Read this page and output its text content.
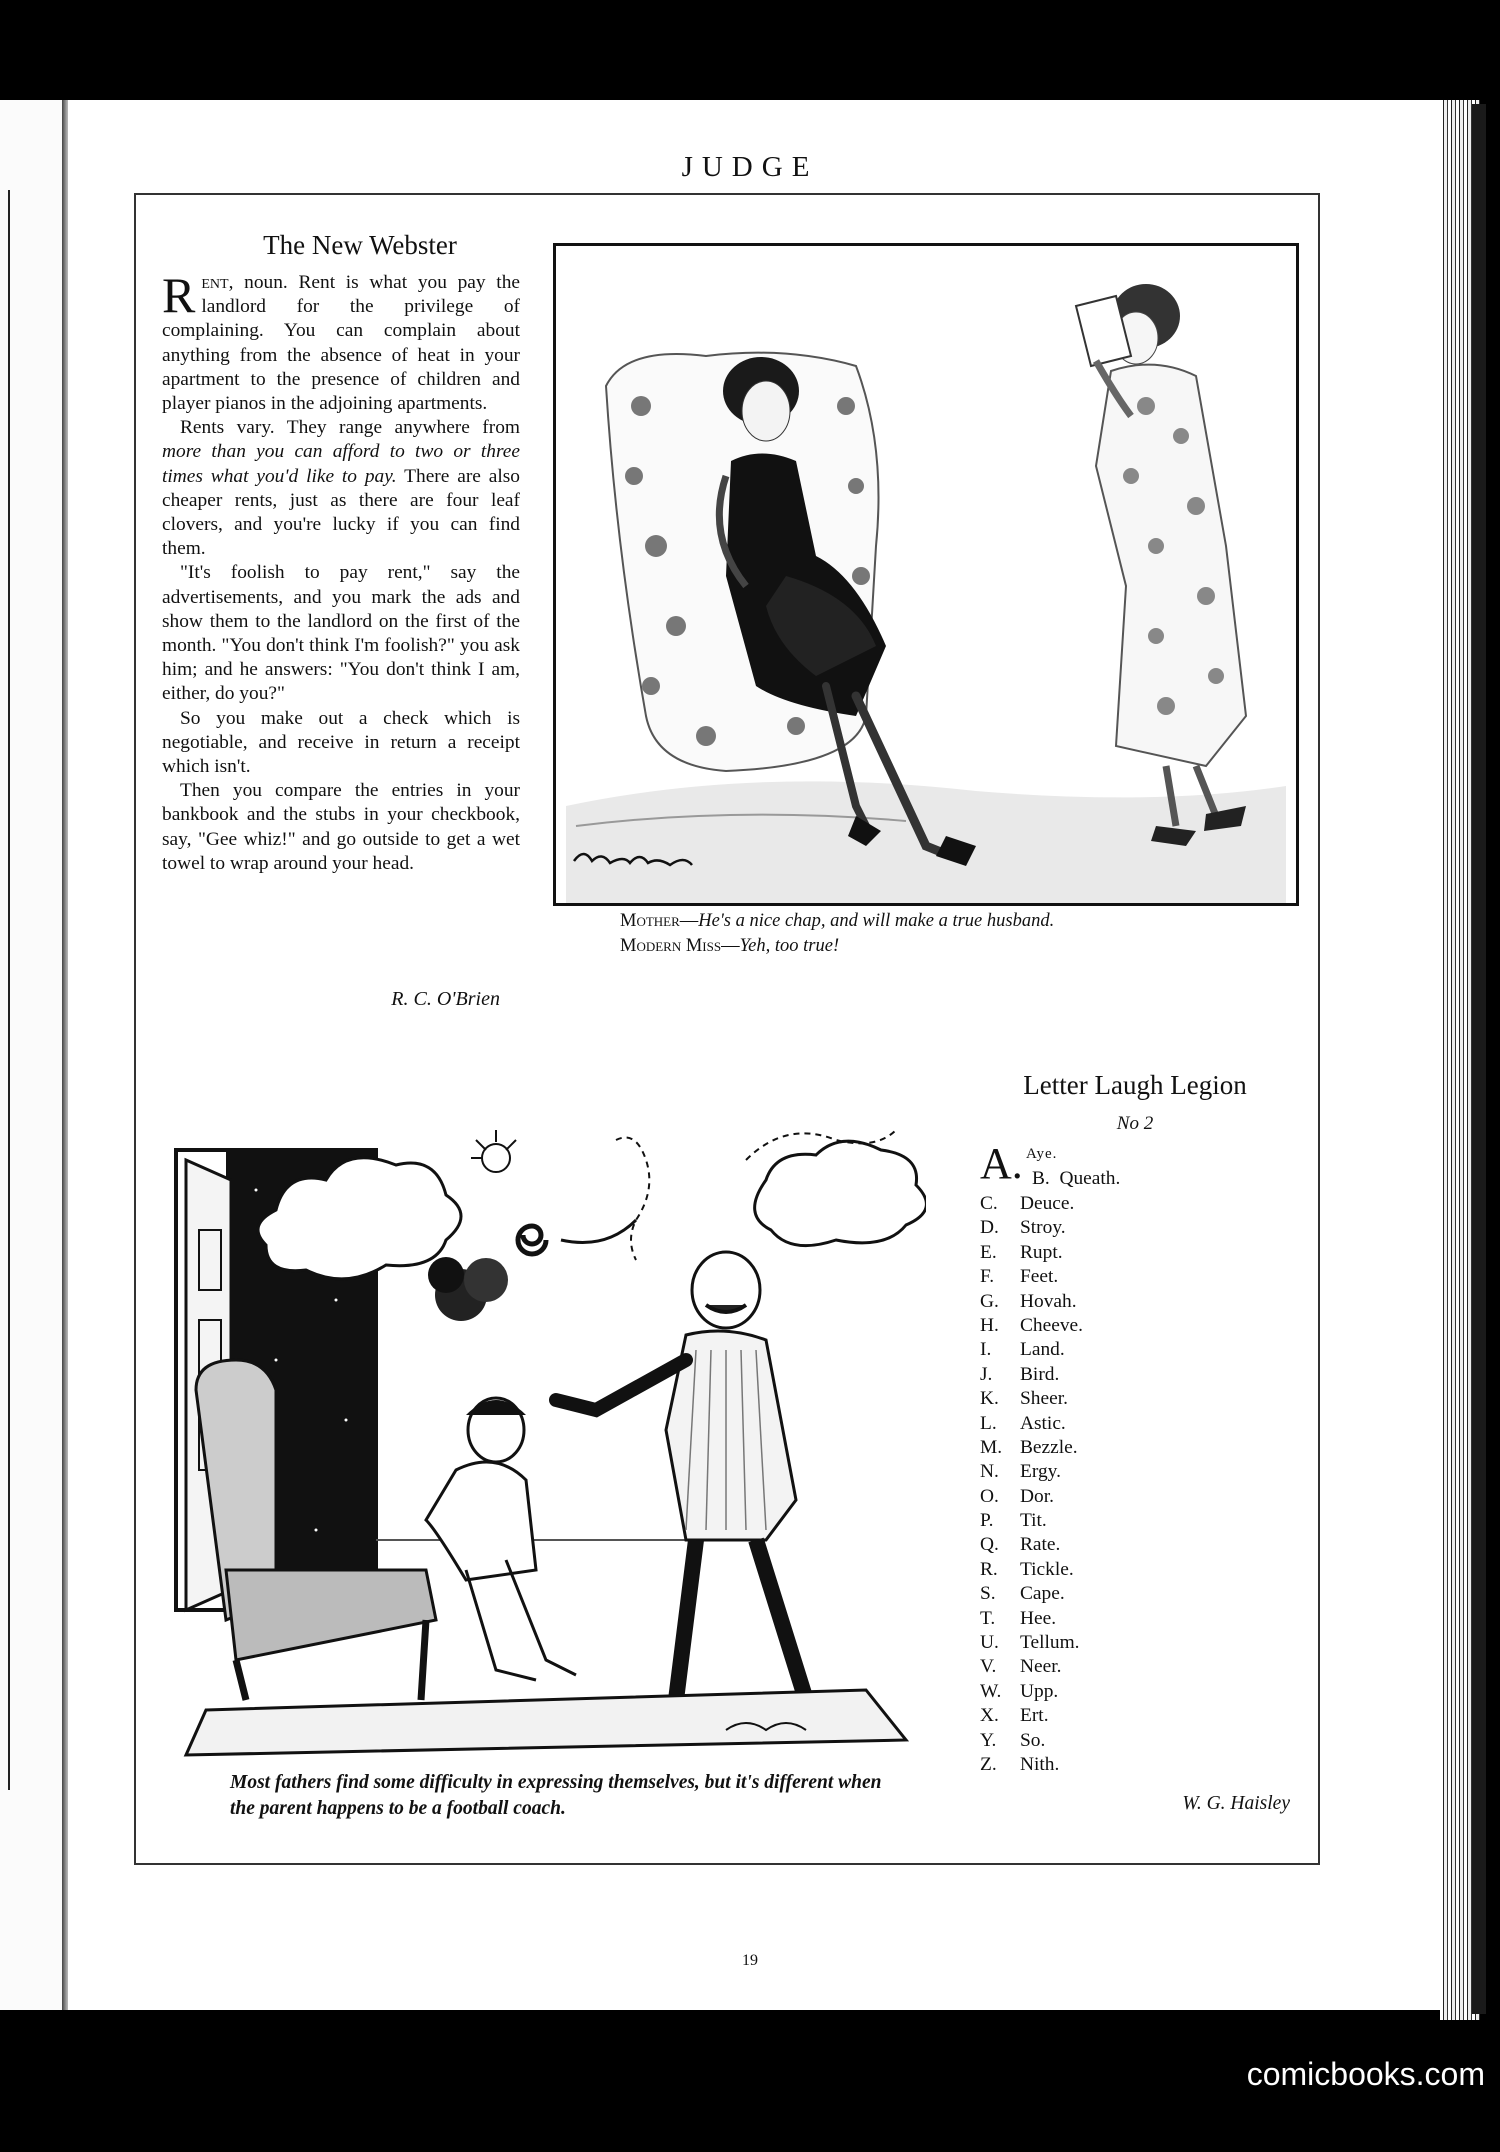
JUDGE
The New Webster

Rent, noun. Rent is what you pay the landlord for the privilege of complaining. You can complain about anything from the absence of heat in your apartment to the presence of children and player pianos in the adjoining apartments.

Rents vary. They range anywhere from more than you can afford to two or three times what you'd like to pay. There are also cheaper rents, just as there are four leaf clovers, and you're lucky if you can find them.

"It's foolish to pay rent," say the advertisements, and you mark the ads and show them to the landlord on the first of the month. "You don't think I'm foolish?" you ask him; and he answers: "You don't think I am, either, do you?"

So you make out a check which is negotiable, and receive in return a receipt which isn't.

Then you compare the entries in your bankbook and the stubs in your checkbook, say, "Gee whiz!" and go outside to get a wet towel to wrap around your head.

R. C. O'Brien
Mother—He's a nice chap, and will make a true husband.
Modern Miss—Yeh, too true!
Most fathers find some difficulty in expressing themselves, but it's different when the parent happens to be a football coach.
Letter Laugh Legion
No 2
A. Aye.
B. Queath.
C. Deuce.
D. Stroy.
E. Rupt.
F. Feet.
G. Hovah.
H. Cheeve.
I. Land.
J. Bird.
K. Sheer.
L. Astic.
M. Bezzle.
N. Ergy.
O. Dor.
P. Tit.
Q. Rate.
R. Tickle.
S. Cape.
T. Hee.
U. Tellum.
V. Neer.
W. Upp.
X. Ert.
Y. So.
Z. Nith.
W. G. Haisley
19
comicbooks.com
